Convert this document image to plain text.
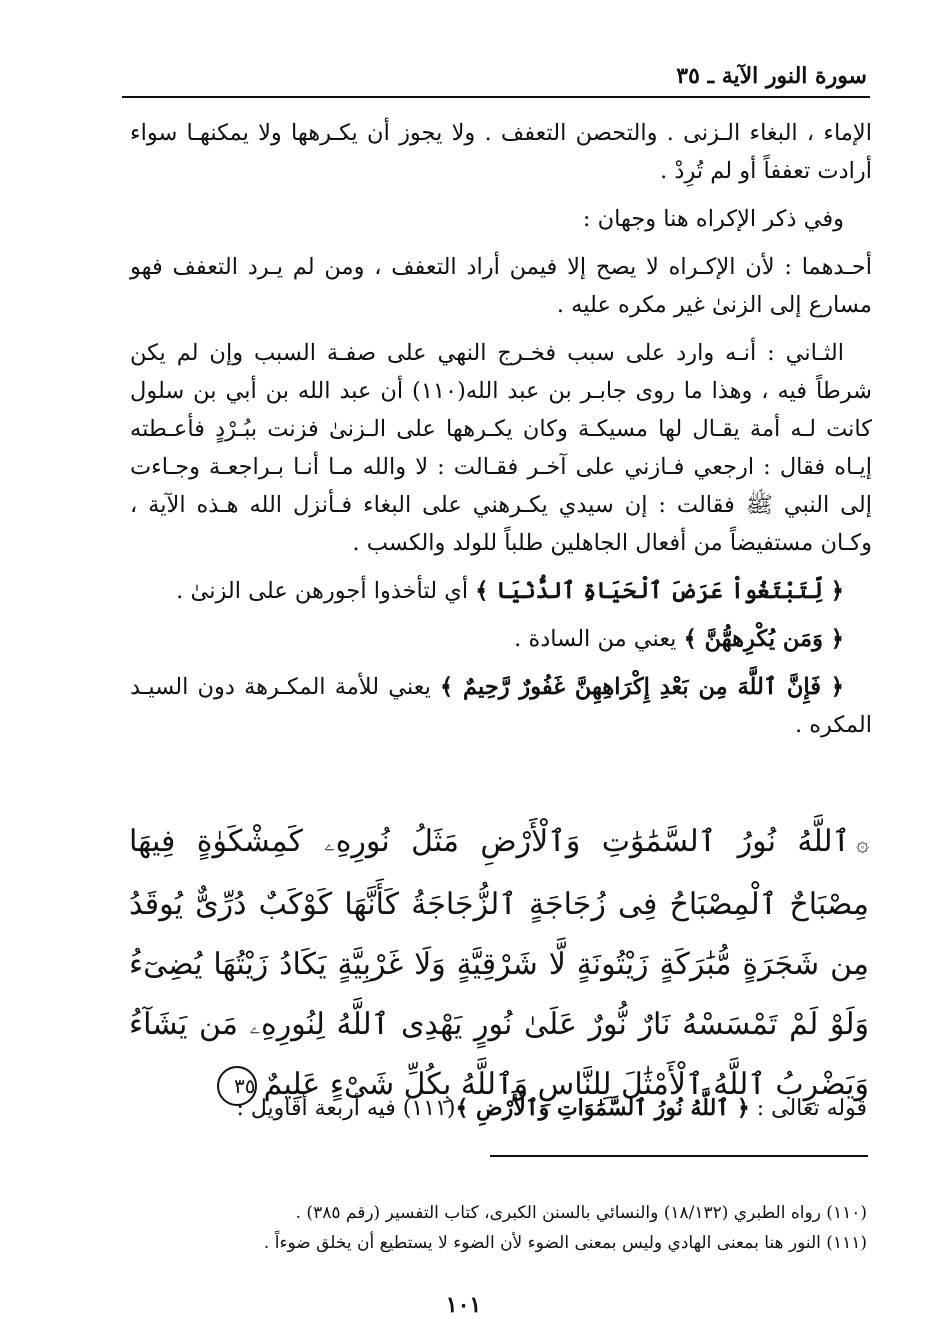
سورة النور الآية ـ ٣٥

الإماء ، البغاء الـزنى . والتحصن التعفف . ولا يجوز أن يكـرهها ولا يمكنهـا سواء أرادت تعففاً أو لم تُرِدْ .

وفي ذكر الإكراه هنا وجهان :

أحـدهما : لأن الإكـراه لا يصح إلا فيمن أراد التعفف ، ومن لم يـرد التعفف فهو مسارع إلى الزنىٰ غير مكره عليه .

الثـاني : أنـه وارد على سبب فخـرج النهي على صفـة السبب وإن لم يكن شرطاً فيه ، وهذا ما روى جابـر بن عبد الله(١١٠) أن عبد الله بن أبي بن سلول كانت لـه أمة يقـال لها مسيكـة وكان يكـرهها على الـزنىٰ فزنت ببُـرْدٍ فأعـطته إيـاه فقال : ارجعي فـازني على آخـر فقـالت : لا والله مـا أنـا بـراجعـة وجـاءت إلى النبي ﷺ فقالت : إن سيدي يكـرهني على البغاء فـأنزل الله هـذه الآية ، وكـان مستفيضاً من أفعال الجاهلين طلباً للولد والكسب .

﴿ لِّتَبْتَغُواْ عَرَضَ ٱلْحَيَاةِ ٱلدُّنْيَا ﴾ أي لتأخذوا أجورهن على الزنىٰ .

﴿ وَمَن يُكْرِههُّنَّ ﴾ يعني من السادة .

﴿ فَإِنَّ ٱللَّهَ مِن بَعْدِ إِكْرَاهِهِنَّ غَفُورٌ رَّحِيمٌ ﴾ يعني للأمة المكـرهة دون السيـد المكره .

۞ٱللَّهُ نُورُ ٱلسَّمَٰوَٰتِ وَٱلْأَرْضِ مَثَلُ نُورِهِۦ كَمِشْكَوٰةٍ فِيهَا مِصْبَاحٌ ٱلْمِصْبَاحُ فِى زُجَاجَةٍ ٱلزُّجَاجَةُ كَأَنَّهَا كَوْكَبٌ دُرِّىٌّ يُوقَدُ مِن شَجَرَةٍ مُّبَٰرَكَةٍ زَيْتُونَةٍ لَّا شَرْقِيَّةٍ وَلَا غَرْبِيَّةٍ يَكَادُ زَيْتُهَا يُضِىٓءُ وَلَوْ لَمْ تَمْسَسْهُ نَارٌ نُّورٌ عَلَىٰ نُورٍ يَهْدِى ٱللَّهُ لِنُورِهِۦ مَن يَشَآءُ وَيَضْرِبُ ٱللَّهُ ٱلْأَمْثَٰلَ لِلنَّاسِ وَٱللَّهُ بِكُلِّ شَىْءٍ عَلِيمٌ٣٥
قوله تعالى : ﴿ ٱللَّهُ نُورُ ٱلسَّمَٰوَاتِ وَٱلْأَرْضِ ﴾(١١١) فيه أربعة أقاويل :
(١١٠) رواه الطبري (١٨/١٣٢) والنسائي بالسنن الكبرى، كتاب التفسير (رقم ٣٨٥) .
(١١١) النور هنا بمعنى الهادي وليس بمعنى الضوء لأن الضوء لا يستطيع أن يخلق ضوءاً .
١٠١
